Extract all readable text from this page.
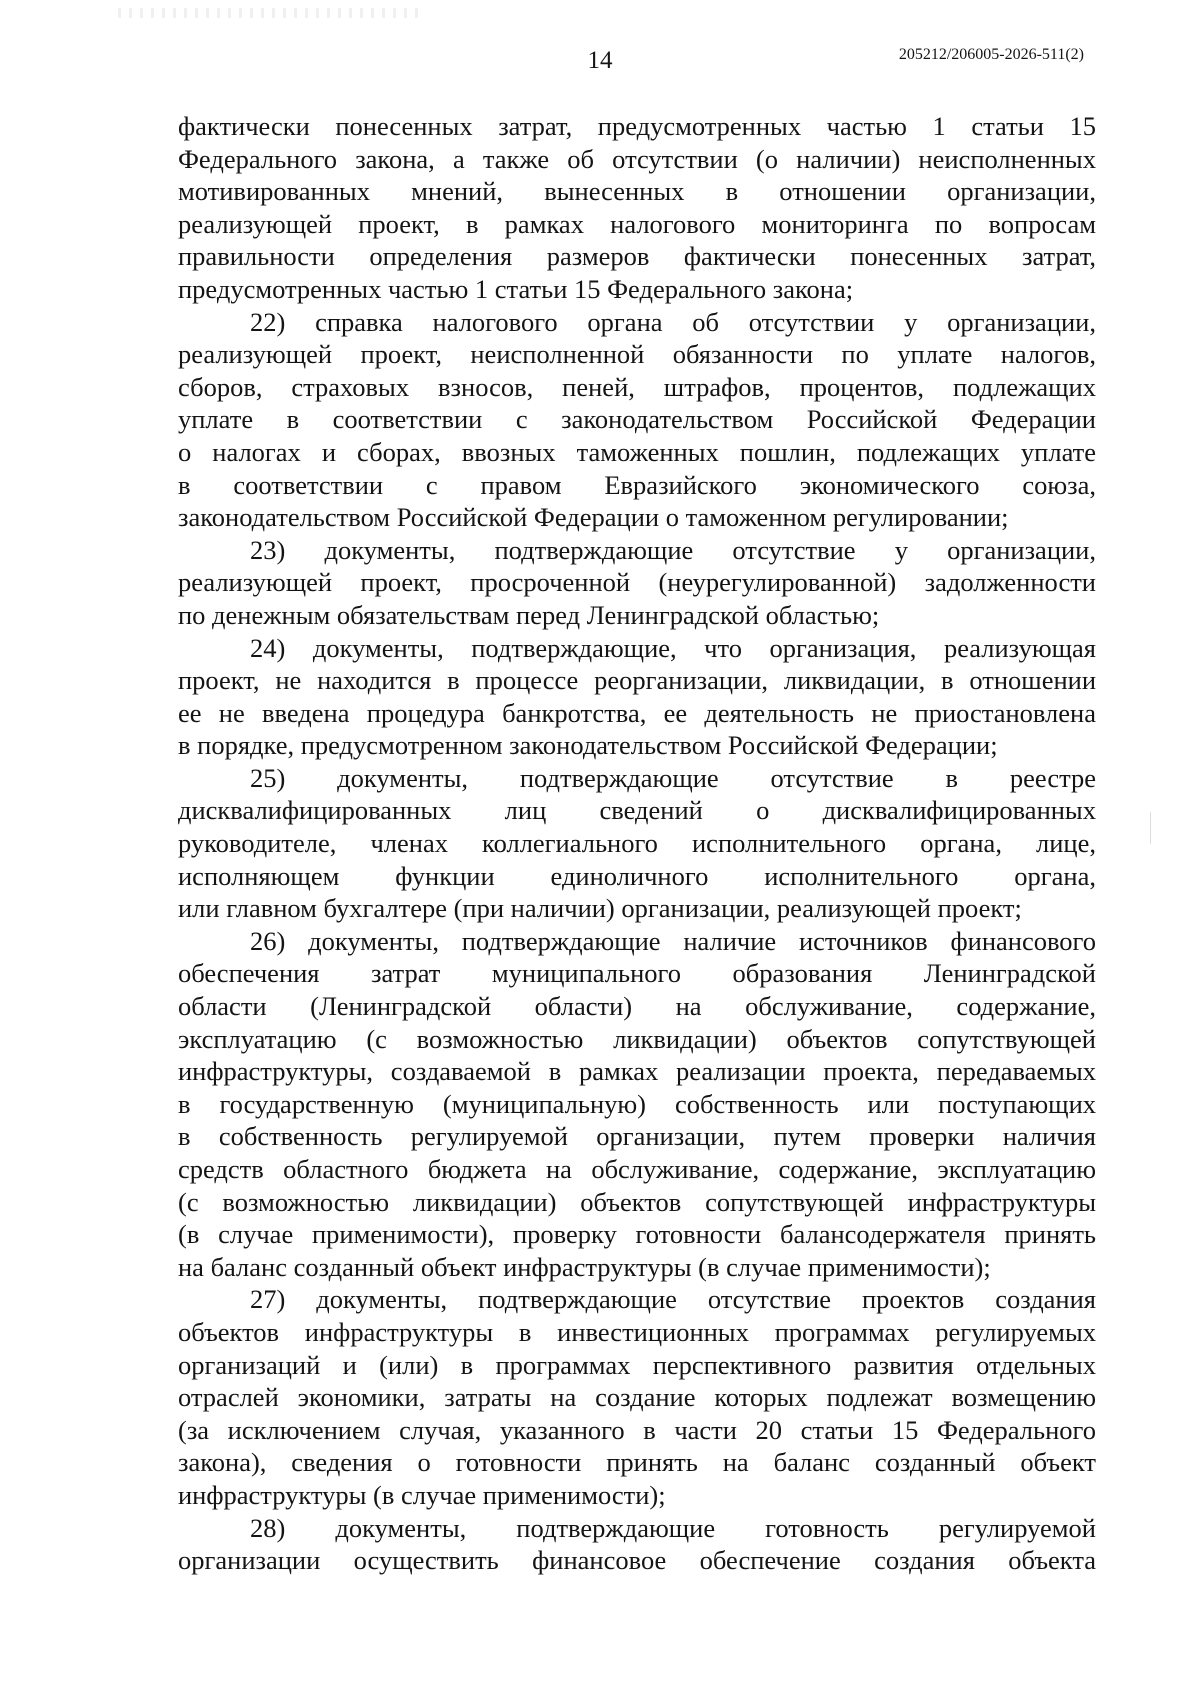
14	205212/206005-2026-511(2)
фактически понесенных затрат, предусмотренных частью 1 статьи 15
Федерального закона, а также об отсутствии (о наличии) неисполненных
мотивированных мнений, вынесенных в отношении организации,
реализующей проект, в рамках налогового мониторинга по вопросам
правильности определения размеров фактически понесенных затрат,
предусмотренных частью 1 статьи 15 Федерального закона;
22) справка налогового органа об отсутствии у организации,
реализующей проект, неисполненной обязанности по уплате налогов,
сборов, страховых взносов, пеней, штрафов, процентов, подлежащих
уплате в соответствии с законодательством Российской Федерации
о налогах и сборах, ввозных таможенных пошлин, подлежащих уплате
в соответствии с правом Евразийского экономического союза,
законодательством Российской Федерации о таможенном регулировании;
23) документы, подтверждающие отсутствие у организации,
реализующей проект, просроченной (неурегулированной) задолженности
по денежным обязательствам перед Ленинградской областью;
24) документы, подтверждающие, что организация, реализующая
проект, не находится в процессе реорганизации, ликвидации, в отношении
ее не введена процедура банкротства, ее деятельность не приостановлена
в порядке, предусмотренном законодательством Российской Федерации;
25) документы, подтверждающие отсутствие в реестре
дисквалифицированных лиц сведений о дисквалифицированных
руководителе, членах коллегиального исполнительного органа, лице,
исполняющем функции единоличного исполнительного органа,
или главном бухгалтере (при наличии) организации, реализующей проект;
26) документы, подтверждающие наличие источников финансового
обеспечения затрат муниципального образования Ленинградской
области (Ленинградской области) на обслуживание, содержание,
эксплуатацию (с возможностью ликвидации) объектов сопутствующей
инфраструктуры, создаваемой в рамках реализации проекта, передаваемых
в государственную (муниципальную) собственность или поступающих
в собственность регулируемой организации, путем проверки наличия
средств областного бюджета на обслуживание, содержание, эксплуатацию
(с возможностью ликвидации) объектов сопутствующей инфраструктуры
(в случае применимости), проверку готовности балансодержателя принять
на баланс созданный объект инфраструктуры (в случае применимости);
27) документы, подтверждающие отсутствие проектов создания
объектов инфраструктуры в инвестиционных программах регулируемых
организаций и (или) в программах перспективного развития отдельных
отраслей экономики, затраты на создание которых подлежат возмещению
(за исключением случая, указанного в части 20 статьи 15 Федерального
закона), сведения о готовности принять на баланс созданный объект
инфраструктуры (в случае применимости);
28) документы, подтверждающие готовность регулируемой
организации осуществить финансовое обеспечение создания объекта
